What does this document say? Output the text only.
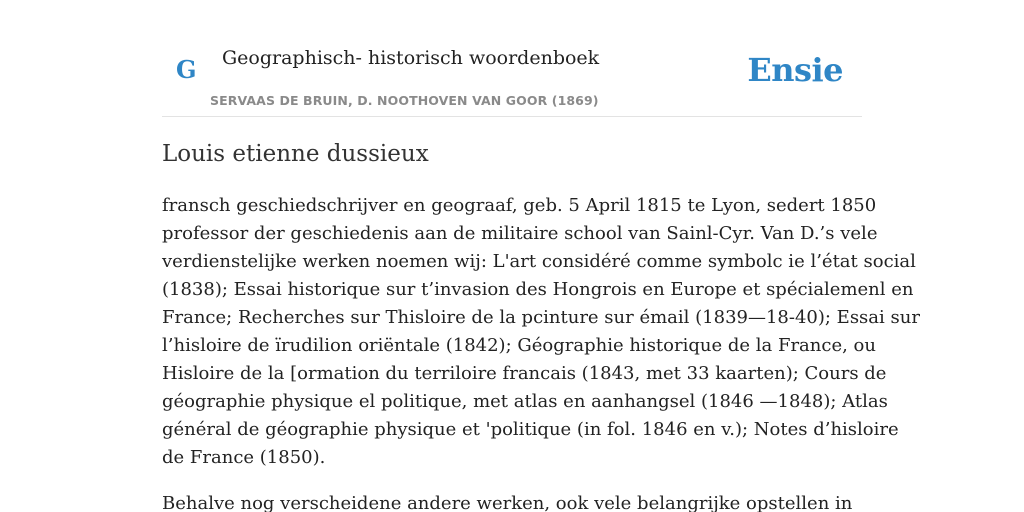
G Geographisch- historisch woordenboek
SERVAAS DE BRUIN, D. NOOTHOVEN VAN GOOR (1869)
Ensie
Louis etienne dussieux

fransch geschiedschrijver en geograaf, geb. 5 April 1815 te Lyon, sedert 1850
professor der geschiedenis aan de militaire school van Sainl-Cyr. Van D.’s vele
verdienstelijke werken noemen wij: L'art considéré comme symbolc ie l’état social
(1838); Essai historique sur t’invasion des Hongrois en Europe et spécialemenl en
France; Recherches sur Thisloire de la pcinture sur émail (1839—18-40); Essai sur
l’hisloire de ïrudilion oriëntale (1842); Géographie historique de la France, ou
Hisloire de la [ormation du terriloire francais (1843, met 33 kaarten); Cours de
géographie physique el politique, met atlas en aanhangsel (1846 —1848); Atlas
général de géographie physique et 'politique (in fol. 1846 en v.); Notes d’hisloire
de France (1850).

Behalve nog verscheidene andere werken, ook vele belangrijke opstellen in
